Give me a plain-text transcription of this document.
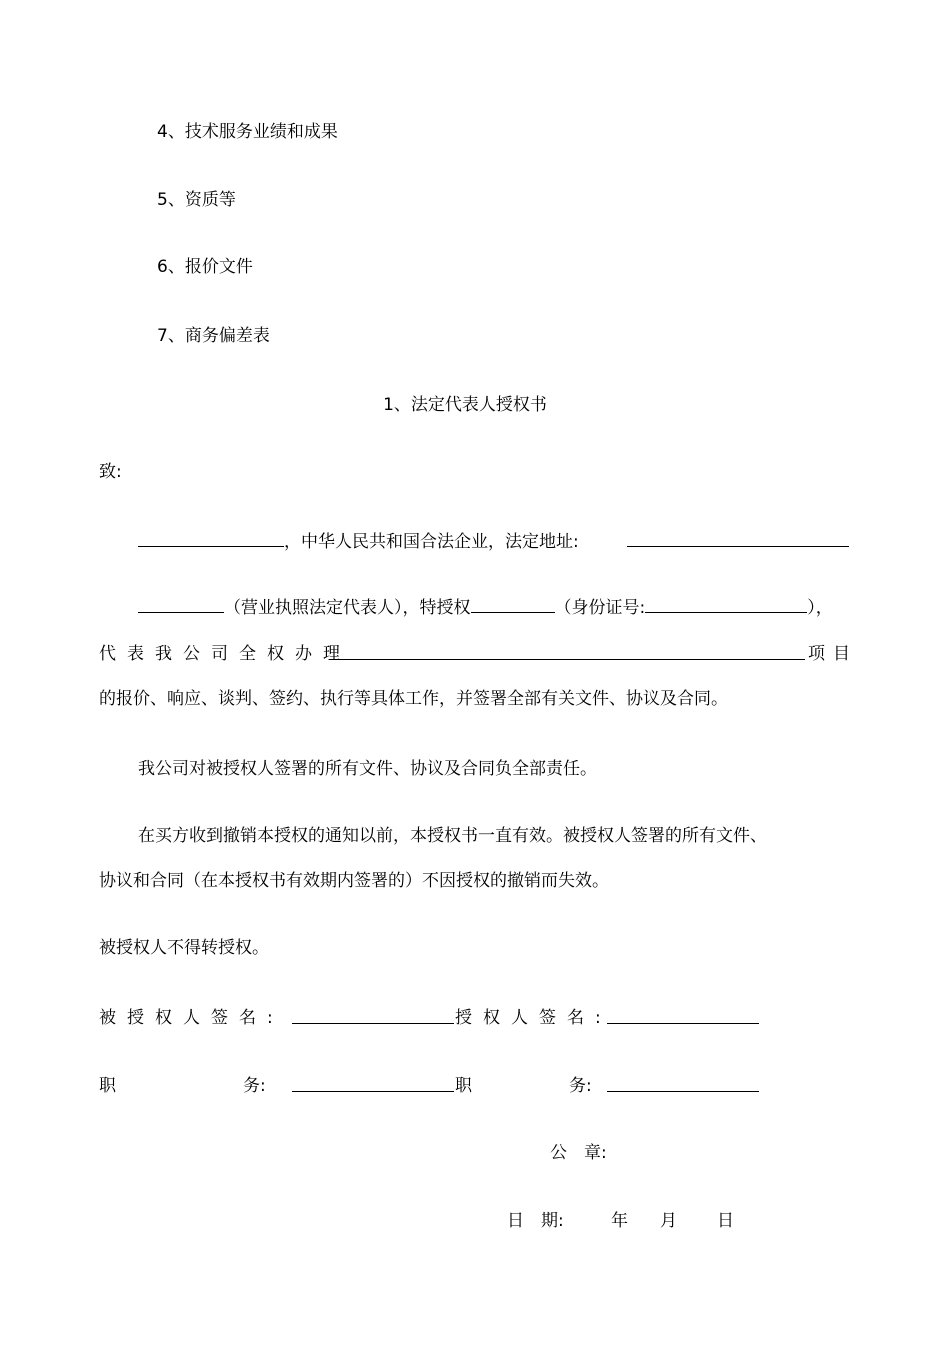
4、技术服务业绩和成果
5、资质等
6、报价文件
7、商务偏差表
1、法定代表人授权书
致:
，中华人民共和国合法企业，法定地址:
（营业执照法定代表人），特授权	（身份证号:	），
代表我公司全权办理	项目
的报价、响应、谈判、签约、执行等具体工作，并签署全部有关文件、协议及合同。
我公司对被授权人签署的所有文件、协议及合同负全部责任。
在买方收到撤销本授权的通知以前，本授权书一直有效。被授权人签署的所有文件、
协议和合同（在本授权书有效期内签署的）不因授权的撤销而失效。
被授权人不得转授权。
被授权人签名:	授权人签名:
职	务:	职	务:
公　章:
日　期:	年 月 日
